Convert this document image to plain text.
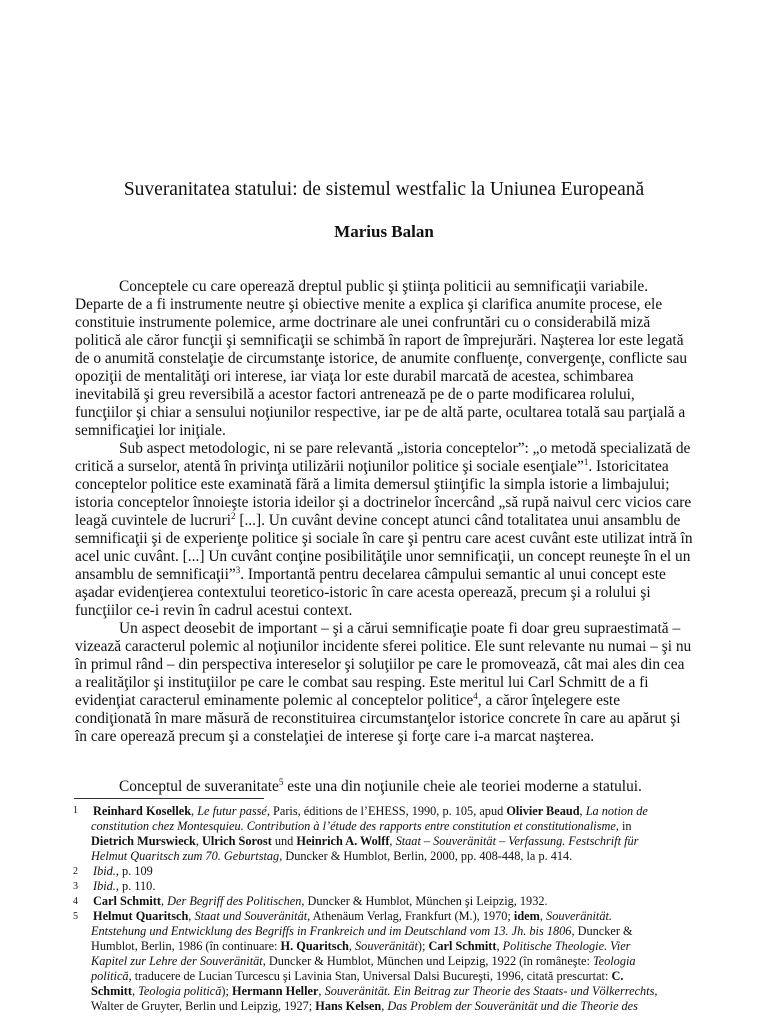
Suveranitatea statului: de sistemul westfalic la Uniunea Europeană
Marius Balan
Conceptele cu care operează dreptul public şi ştiinţa politicii au semnificaţii variabile.
Departe de a fi instrumente neutre şi obiective menite a explica şi clarifica anumite procese, ele
constituie instrumente polemice, arme doctrinare ale unei confruntări cu o considerabilă miză
politică ale căror funcţii şi semnificaţii se schimbă în raport de împrejurări. Naşterea lor este legată
de o anumită constelaţie de circumstanţe istorice, de anumite confluenţe, convergenţe, conflicte sau
opoziţii de mentalităţi ori interese, iar viaţa lor este durabil marcată de acestea, schimbarea
inevitabilă şi greu reversibilă a acestor factori antrenează pe de o parte modificarea rolului,
funcţiilor şi chiar a sensului noţiunilor respective, iar pe de altă parte, ocultarea totală sau parţială a
semnificaţiei lor iniţiale.
Sub aspect metodologic, ni se pare relevantă „istoria conceptelor”: „o metodă specializată de
critică a surselor, atentă în privinţa utilizării noţiunilor politice şi sociale esenţiale”$^1$. Istoricitatea
conceptelor politice este examinată fără a limita demersul ştiinţific la simpla istorie a limbajului;
istoria conceptelor înnoieşte istoria ideilor şi a doctrinelor încercând „să rupă naivul cerc vicios care
leagă cuvintele de lucruri$^2$ [...]. Un cuvânt devine concept atunci când totalitatea unui ansamblu de
semnificaţii şi de experienţe politice şi sociale în care şi pentru care acest cuvânt este utilizat intră în
acel unic cuvânt. [...] Un cuvânt conţine posibilităţile unor semnificaţii, un concept reuneşte în el un
ansamblu de semnificaţii”$^3$. Importantă pentru decelarea câmpului semantic al unui concept este
aşadar evidenţierea contextului teoretico-istoric în care acesta operează, precum şi a rolului şi
funcţiilor ce-i revin în cadrul acestui context.
Un aspect deosebit de important – şi a cărui semnificaţie poate fi doar greu supraestimată –
vizează caracterul polemic al noţiunilor incidente sferei politice. Ele sunt relevante nu numai – şi nu
în primul rând – din perspectiva intereselor şi soluţiilor pe care le promovează, cât mai ales din cea
a realităţilor şi instituţiilor pe care le combat sau resping. Este meritul lui Carl Schmitt de a fi
evidenţiat caracterul eminamente polemic al conceptelor politice$^4$, a căror înţelegere este
condiţionată în mare măsură de reconstituirea circumstanţelor istorice concrete în care au apărut şi
în care operează precum şi a constelaţiei de interese şi forţe care i-a marcat naşterea.
Conceptul de suveranitate$^5$ este una din noţiunile cheie ale teoriei moderne a statului.
1
2
3
4
5
Reinhard Kosellek, Le futur passé, Paris, éditions de l’EHESS, 1990, p. 105, apud Olivier Beaud, La notion de
constitution chez Montesquieu. Contribution à l’étude des rapports entre constitution et constitutionalisme, in
Dietrich Murswieck, Ulrich Sorost und Heinrich A. Wolff, Staat – Souveränität – Verfassung. Festschrift für
Helmut Quaritsch zum 70. Geburtstag, Duncker & Humblot, Berlin, 2000, pp. 408-448, la p. 414.
Ibid., p. 109
Ibid., p. 110.
Carl Schmitt, Der Begriff des Politischen, Duncker & Humblot, München şi Leipzig, 1932.
Helmut Quaritsch, Staat und Souveränität, Athenäum Verlag, Frankfurt (M.), 1970; idem, Souveränität.
Entstehung und Entwicklung des Begriffs in Frankreich und im Deutschland vom 13. Jh. bis 1806, Duncker &
Humblot, Berlin, 1986 (în continuare: H. Quaritsch, Souveränität); Carl Schmitt, Politische Theologie. Vier
Kapitel zur Lehre der Souveränität, Duncker & Humblot, München und Leipzig, 1922 (în româneşte: Teologia
politică, traducere de Lucian Turcescu şi Lavinia Stan, Universal Dalsi Bucureşti, 1996, citată prescurtat: C.
Schmitt, Teologia politică); Hermann Heller, Souveränität. Ein Beitrag zur Theorie des Staats- und Völkerrechts,
Walter de Gruyter, Berlin und Leipzig, 1927; Hans Kelsen, Das Problem der Souveränität und die Theorie des
